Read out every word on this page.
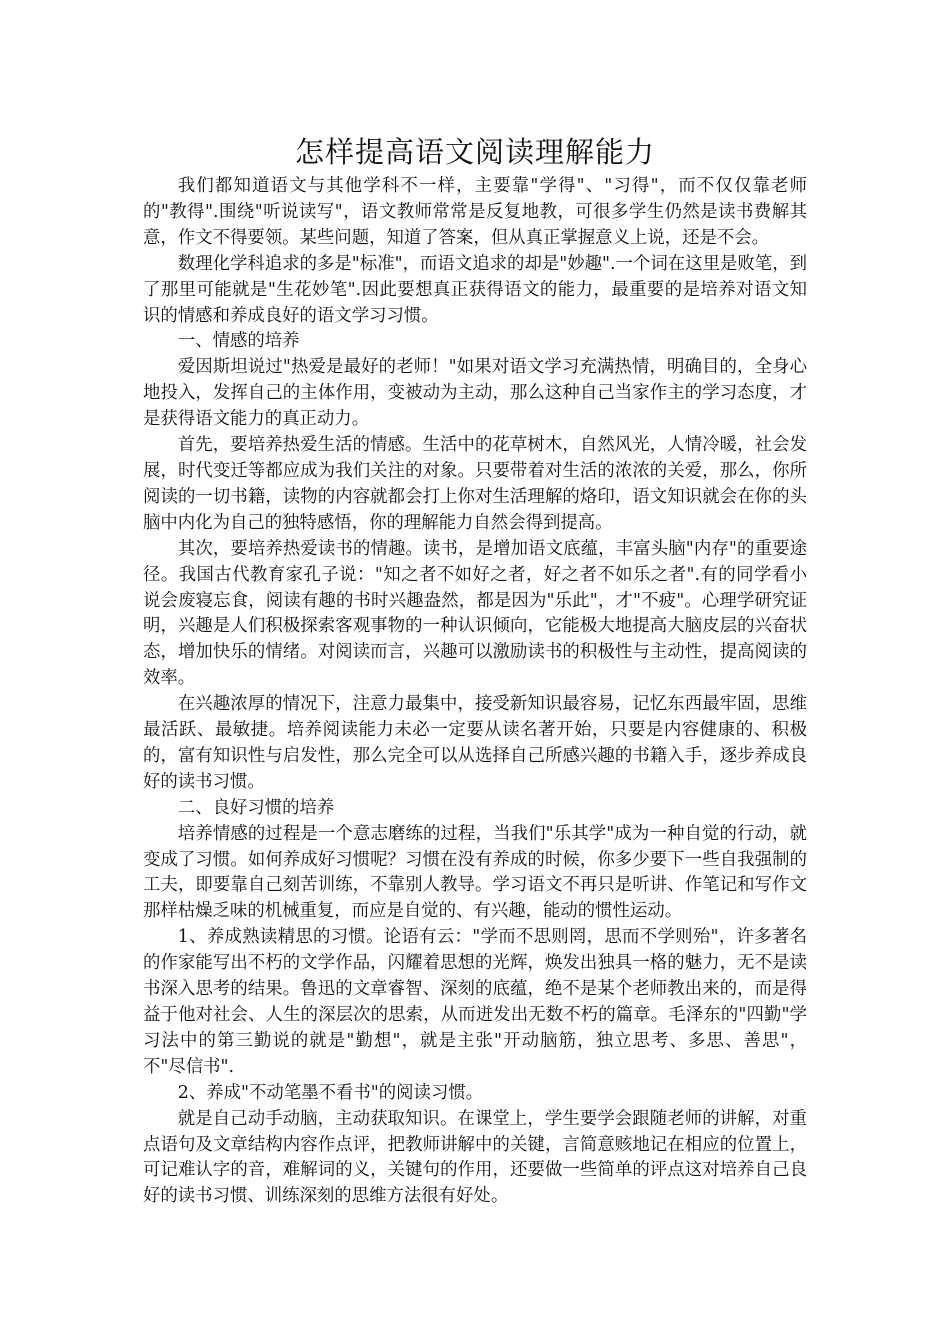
怎样提高语文阅读理解能力

我们都知道语文与其他学科不一样，主要靠"学得"、"习得"，而不仅仅靠老师的"教得".围绕"听说读写"，语文教师常常是反复地教，可很多学生仍然是读书费解其意，作文不得要领。某些问题，知道了答案，但从真正掌握意义上说，还是不会。

数理化学科追求的多是"标准"，而语文追求的却是"妙趣".一个词在这里是败笔，到了那里可能就是"生花妙笔".因此要想真正获得语文的能力，最重要的是培养对语文知识的情感和养成良好的语文学习习惯。

一、情感的培养

爱因斯坦说过"热爱是最好的老师！"如果对语文学习充满热情，明确目的，全身心地投入，发挥自己的主体作用，变被动为主动，那么这种自己当家作主的学习态度，才是获得语文能力的真正动力。

首先，要培养热爱生活的情感。生活中的花草树木，自然风光，人情冷暖，社会发展，时代变迁等都应成为我们关注的对象。只要带着对生活的浓浓的关爱，那么，你所阅读的一切书籍，读物的内容就都会打上你对生活理解的烙印，语文知识就会在你的头脑中内化为自己的独特感悟，你的理解能力自然会得到提高。

其次，要培养热爱读书的情趣。读书，是增加语文底蕴，丰富头脑"内存"的重要途径。我国古代教育家孔子说："知之者不如好之者，好之者不如乐之者".有的同学看小说会废寝忘食，阅读有趣的书时兴趣盎然，都是因为"乐此"，才"不疲"。心理学研究证明，兴趣是人们积极探索客观事物的一种认识倾向，它能极大地提高大脑皮层的兴奋状态，增加快乐的情绪。对阅读而言，兴趣可以激励读书的积极性与主动性，提高阅读的效率。

在兴趣浓厚的情况下，注意力最集中，接受新知识最容易，记忆东西最牢固，思维最活跃、最敏捷。培养阅读能力未必一定要从读名著开始，只要是内容健康的、积极的，富有知识性与启发性，那么完全可以从选择自己所感兴趣的书籍入手，逐步养成良好的读书习惯。

二、良好习惯的培养

培养情感的过程是一个意志磨练的过程，当我们"乐其学"成为一种自觉的行动，就变成了习惯。如何养成好习惯呢？习惯在没有养成的时候，你多少要下一些自我强制的工夫，即要靠自己刻苦训练，不靠别人教导。学习语文不再只是听讲、作笔记和写作文那样枯燥乏味的机械重复，而应是自觉的、有兴趣，能动的惯性运动。

1、养成熟读精思的习惯。论语有云："学而不思则罔，思而不学则殆"，许多著名的作家能写出不朽的文学作品，闪耀着思想的光辉，焕发出独具一格的魅力，无不是读书深入思考的结果。鲁迅的文章睿智、深刻的底蕴，绝不是某个老师教出来的，而是得益于他对社会、人生的深层次的思索，从而迸发出无数不朽的篇章。毛泽东的"四勤"学习法中的第三勤说的就是"勤想"，就是主张"开动脑筋，独立思考、多思、善思"，不"尽信书".

2、养成"不动笔墨不看书"的阅读习惯。

就是自己动手动脑，主动获取知识。在课堂上，学生要学会跟随老师的讲解，对重点语句及文章结构内容作点评，把教师讲解中的关键，言简意赅地记在相应的位置上，可记难认字的音，难解词的义，关键句的作用，还要做一些简单的评点这对培养自己良好的读书习惯、训练深刻的思维方法很有好处。
